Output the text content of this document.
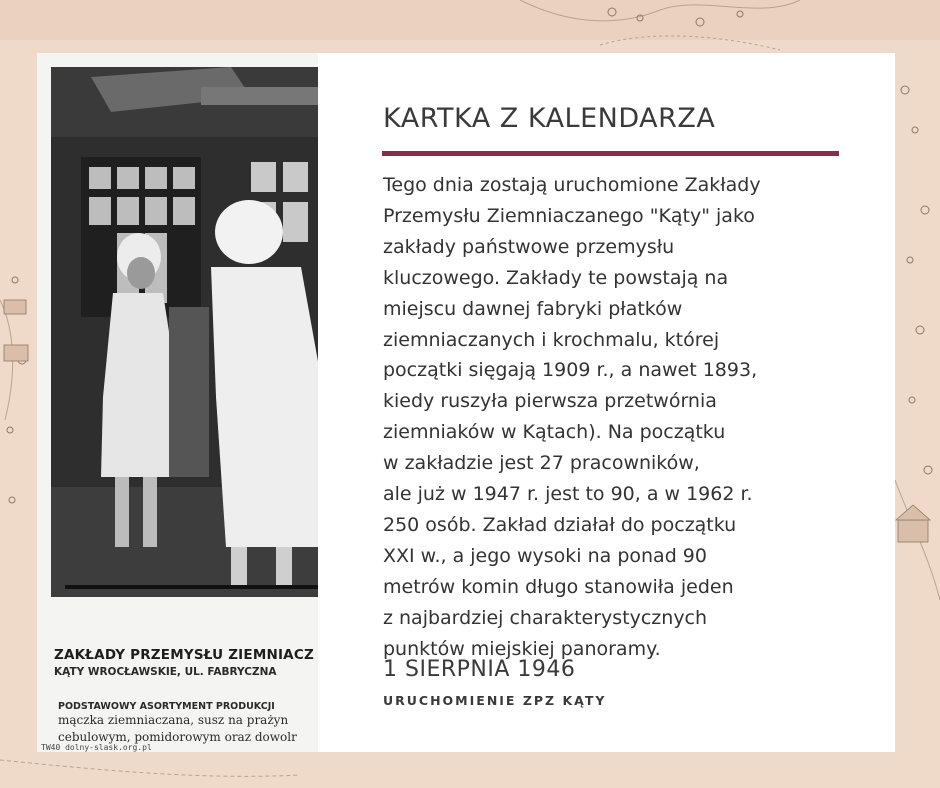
ZAKŁADY PRZEMYSŁU ZIEMNIACZ
KĄTY WROCŁAWSKIE, UL. FABRYCZNA
PODSTAWOWY ASORTYMENT PRODUKCJI
mączka ziemniaczana, susz na prażyn
cebulowym, pomidorowym oraz dowolr
TW40 dolny-slask.org.pl
KARTKA Z KALENDARZA
Tego dnia zostają uruchomione Zakłady
Przemysłu Ziemniaczanego "Kąty" jako
zakłady państwowe przemysłu
kluczowego. Zakłady te powstają na
miejscu dawnej fabryki płatków
ziemniaczanych i krochmalu, której
początki sięgają 1909 r., a nawet 1893,
kiedy ruszyła pierwsza przetwórnia
ziemniaków w Kątach). Na początku
w zakładzie jest 27 pracowników,
ale już w 1947 r. jest to 90, a w 1962 r.
250 osób. Zakład działał do początku
XXI w., a jego wysoki na ponad 90
metrów komin długo stanowiła jeden
z najbardziej charakterystycznych
punktów miejskiej panoramy.
1 SIERPNIA 1946
URUCHOMIENIE ZPZ KĄTY
